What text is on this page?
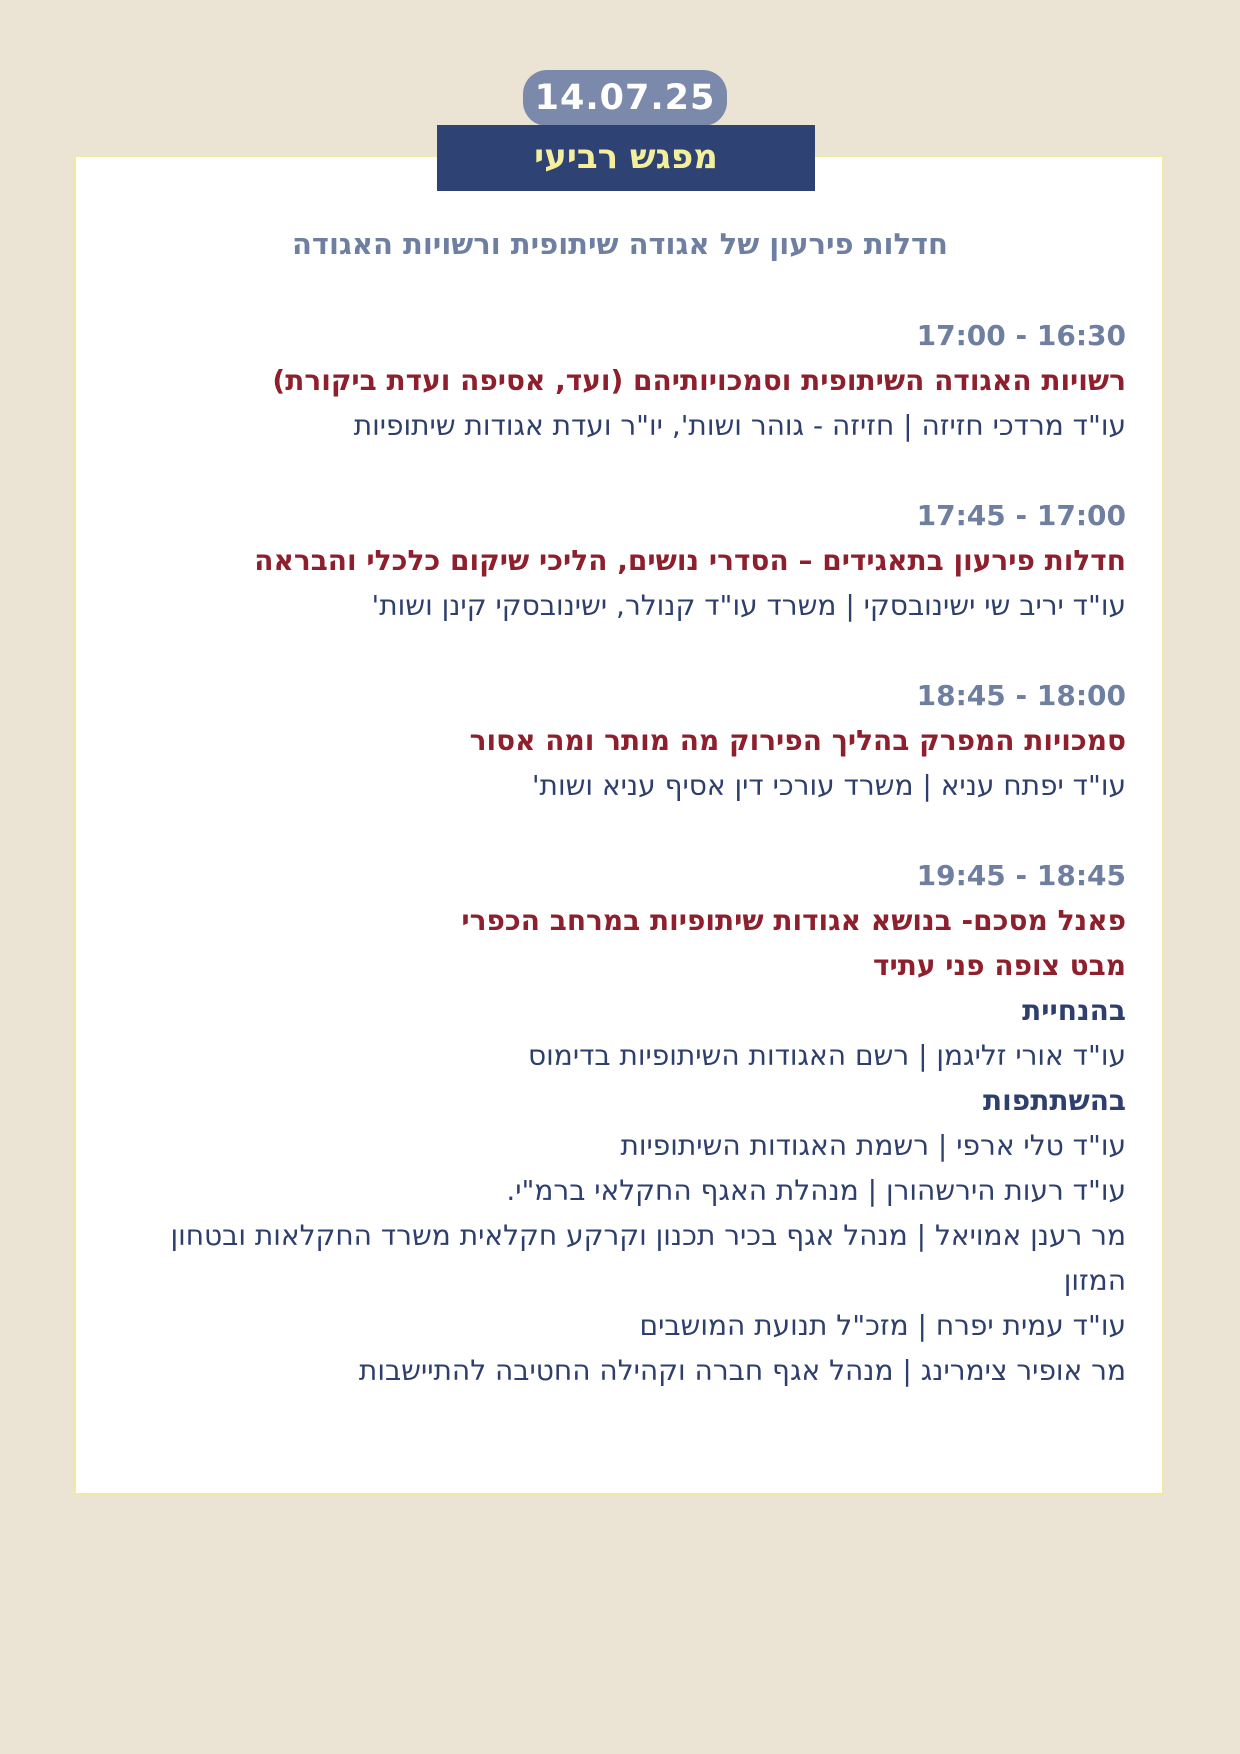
14.07.25
מפגש רביעי
חדלות פירעון של אגודה שיתופית ורשויות האגודה
17:00 - 16:30
רשויות האגודה השיתופית וסמכויותיהם (ועד, אסיפה ועדת ביקורת)
עו"ד מרדכי חזיזה | חזיזה - גוהר ושות', יו"ר ועדת אגודות שיתופיות
17:45 - 17:00
חדלות פירעון בתאגידים – הסדרי נושים, הליכי שיקום כלכלי והבראה
עו"ד יריב שי ישינובסקי | משרד עו"ד קנולר, ישינובסקי קינן ושות'
18:45 - 18:00
סמכויות המפרק בהליך הפירוק מה מותר ומה אסור
עו"ד יפתח עניא | משרד עורכי דין אסיף עניא ושות'
19:45 - 18:45
פאנל מסכם- בנושא אגודות שיתופיות במרחב הכפרי
מבט צופה פני עתיד
בהנחיית
עו"ד אורי זליגמן | רשם האגודות השיתופיות בדימוס
בהשתתפות
עו"ד טלי ארפי | רשמת האגודות השיתופיות
עו"ד רעות הירשהורן | מנהלת האגף החקלאי ברמ"י.
מר רענן אמויאל | מנהל אגף בכיר תכנון וקרקע חקלאית משרד החקלאות ובטחון המזון
עו"ד עמית יפרח | מזכ"ל תנועת המושבים
מר אופיר צימרינג | מנהל אגף חברה וקהילה החטיבה להתיישבות
